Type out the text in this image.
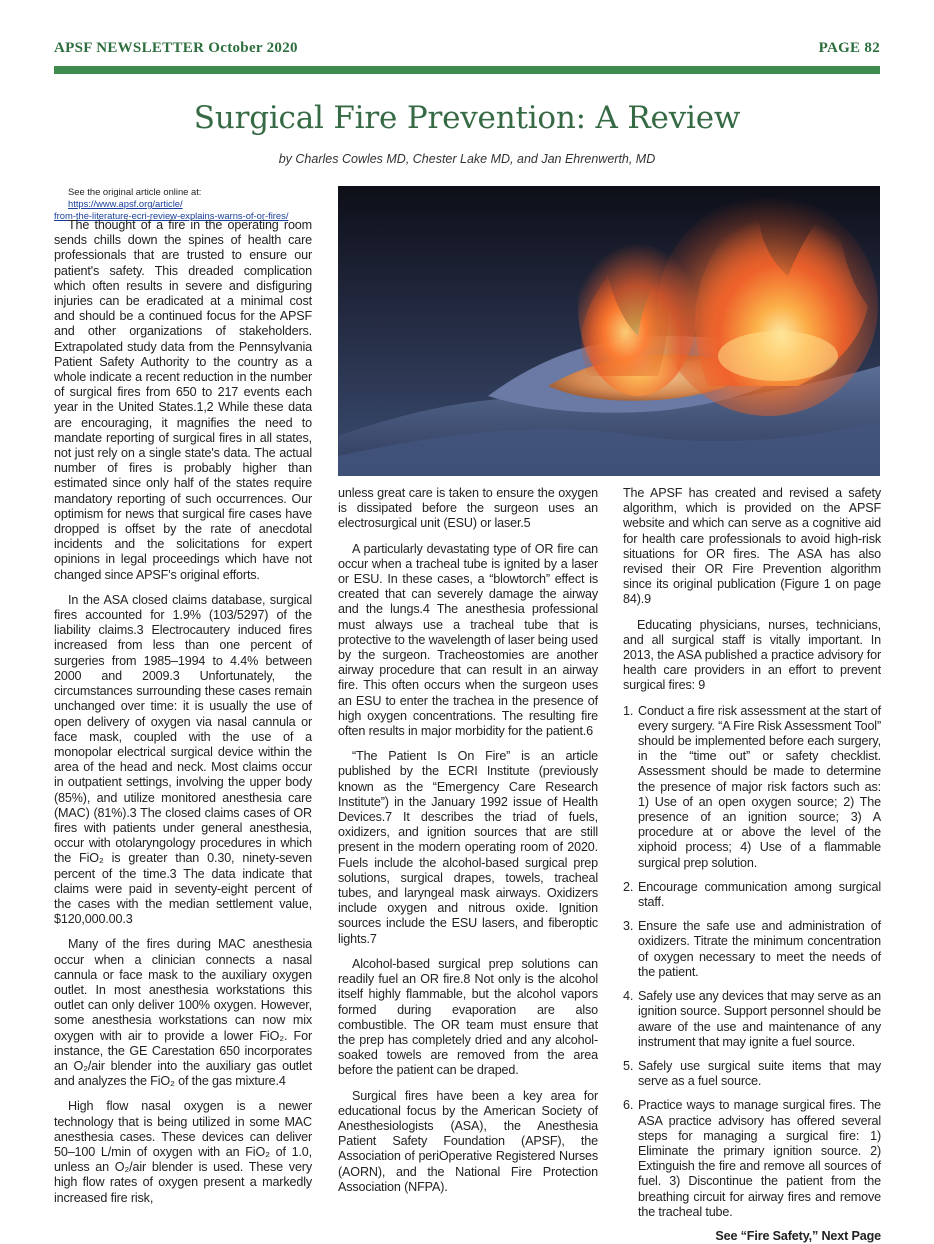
APSF NEWSLETTER October 2020	PAGE 82
Surgical Fire Prevention: A Review
by Charles Cowles MD, Chester Lake MD, and Jan Ehrenwerth, MD
See the original article online at: https://www.apsf.org/article/
from-the-literature-ecri-review-explains-warns-of-or-fires/

The thought of a fire in the operating room sends chills down the spines of health care professionals that are trusted to ensure our patient's safety. This dreaded complication which often results in severe and disfiguring injuries can be eradicated at a minimal cost and should be a continued focus for the APSF and other organizations of stakeholders. Extrapolated study data from the Pennsylvania Patient Safety Authority to the country as a whole indicate a recent reduction in the number of surgical fires from 650 to 217 events each year in the United States.1,2 While these data are encouraging, it magnifies the need to mandate reporting of surgical fires in all states, not just rely on a single state's data. The actual number of fires is probably higher than estimated since only half of the states require mandatory reporting of such occurrences. Our optimism for news that surgical fire cases have dropped is offset by the rate of anecdotal incidents and the solicitations for expert opinions in legal proceedings which have not changed since APSF's original efforts.

In the ASA closed claims database, surgical fires accounted for 1.9% (103/5297) of the liability claims.3 Electrocautery induced fires increased from less than one percent of surgeries from 1985–1994 to 4.4% between 2000 and 2009.3 Unfortunately, the circumstances surrounding these cases remain unchanged over time: it is usually the use of open delivery of oxygen via nasal cannula or face mask, coupled with the use of a monopolar electrical surgical device within the area of the head and neck. Most claims occur in outpatient settings, involving the upper body (85%), and utilize monitored anesthesia care (MAC) (81%).3 The closed claims cases of OR fires with patients under general anesthesia, occur with otolaryngology procedures in which the FiO₂ is greater than 0.30, ninety-seven percent of the time.3 The data indicate that claims were paid in seventy-eight percent of the cases with the median settlement value, $120,000.00.3

Many of the fires during MAC anesthesia occur when a clinician connects a nasal cannula or face mask to the auxiliary oxygen outlet. In most anesthesia workstations this outlet can only deliver 100% oxygen. However, some anesthesia workstations can now mix oxygen with air to provide a lower FiO₂. For instance, the GE Carestation 650 incorporates an O₂/air blender into the auxiliary gas outlet and analyzes the FiO₂ of the gas mixture.4

High flow nasal oxygen is a newer technology that is being utilized in some MAC anesthesia cases. These devices can deliver 50–100 L/min of oxygen with an FiO₂ of 1.0, unless an O₂/air blender is used. These very high flow rates of oxygen present a markedly increased fire risk,

unless great care is taken to ensure the oxygen is dissipated before the surgeon uses an electrosurgical unit (ESU) or laser.5

A particularly devastating type of OR fire can occur when a tracheal tube is ignited by a laser or ESU. In these cases, a “blowtorch” effect is created that can severely damage the airway and the lungs.4 The anesthesia professional must always use a tracheal tube that is protective to the wavelength of laser being used by the surgeon. Tracheostomies are another airway procedure that can result in an airway fire. This often occurs when the surgeon uses an ESU to enter the trachea in the presence of high oxygen concentrations. The resulting fire often results in major morbidity for the patient.6

“The Patient Is On Fire” is an article published by the ECRI Institute (previously known as the “Emergency Care Research Institute”) in the January 1992 issue of Health Devices.7 It describes the triad of fuels, oxidizers, and ignition sources that are still present in the modern operating room of 2020. Fuels include the alcohol-based surgical prep solutions, surgical drapes, towels, tracheal tubes, and laryngeal mask airways. Oxidizers include oxygen and nitrous oxide. Ignition sources include the ESU lasers, and fiberoptic lights.7

Alcohol-based surgical prep solutions can readily fuel an OR fire.8 Not only is the alcohol itself highly flammable, but the alcohol vapors formed during evaporation are also combustible. The OR team must ensure that the prep has completely dried and any alcohol-soaked towels are removed from the area before the patient can be draped.

Surgical fires have been a key area for educational focus by the American Society of Anesthesiologists (ASA), the Anesthesia Patient Safety Foundation (APSF), the Association of periOperative Registered Nurses (AORN), and the National Fire Protection Association (NFPA).

The APSF has created and revised a safety algorithm, which is provided on the APSF website and which can serve as a cognitive aid for health care professionals to avoid high-risk situations for OR fires. The ASA has also revised their OR Fire Prevention algorithm since its original publication (Figure 1 on page 84).9

Educating physicians, nurses, technicians, and all surgical staff is vitally important. In 2013, the ASA published a practice advisory for health care providers in an effort to prevent surgical fires: 9

1. Conduct a fire risk assessment at the start of every surgery. “A Fire Risk Assessment Tool” should be implemented before each surgery, in the “time out” or safety checklist. Assessment should be made to determine the presence of major risk factors such as: 1) Use of an open oxygen source; 2) The presence of an ignition source; 3) A procedure at or above the level of the xiphoid process; 4) Use of a flammable surgical prep solution.
2. Encourage communication among surgical staff.
3. Ensure the safe use and administration of oxidizers. Titrate the minimum concentration of oxygen necessary to meet the needs of the patient.
4. Safely use any devices that may serve as an ignition source. Support personnel should be aware of the use and maintenance of any instrument that may ignite a fuel source.
5. Safely use surgical suite items that may serve as a fuel source.
6. Practice ways to manage surgical fires. The ASA practice advisory has offered several steps for managing a surgical fire: 1) Eliminate the primary ignition source. 2) Extinguish the fire and remove all sources of fuel. 3) Discontinue the patient from the breathing circuit for airway fires and remove the tracheal tube.
See “Fire Safety,” Next Page
